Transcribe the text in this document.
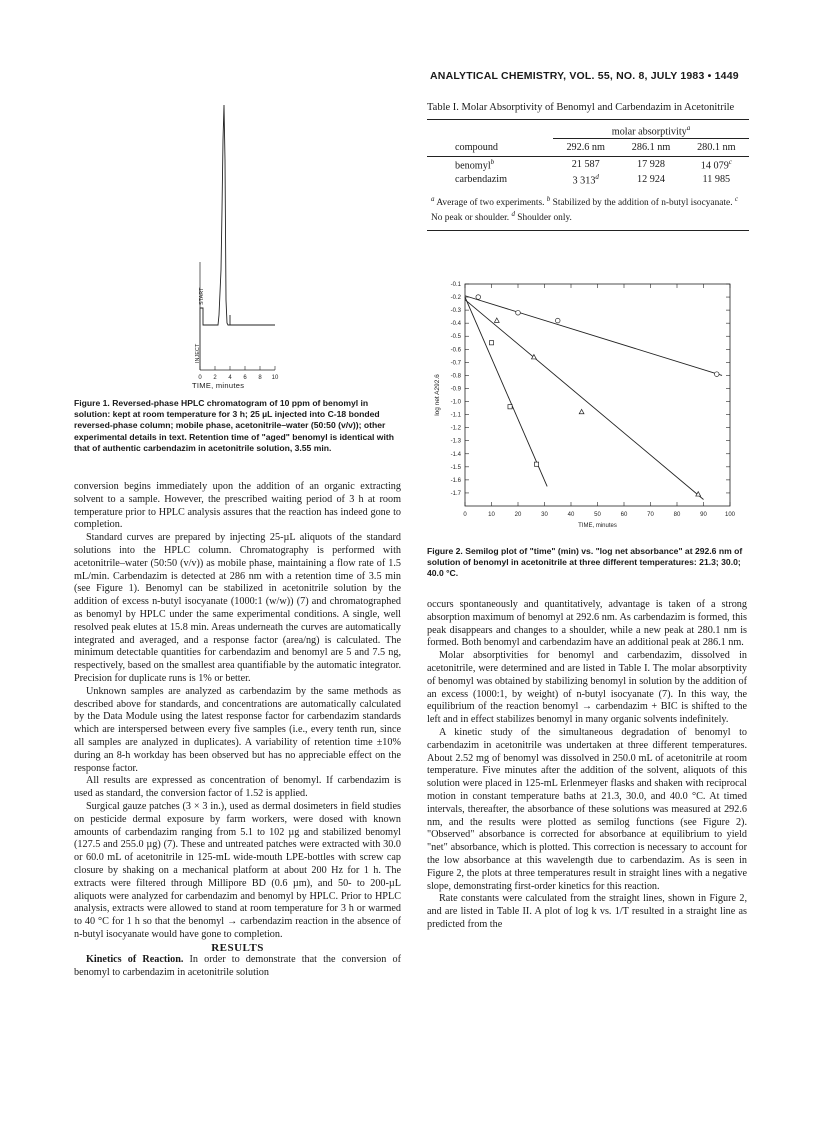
ANALYTICAL CHEMISTRY, VOL. 55, NO. 8, JULY 1983 • 1449
0 2 4 6 8 10
START
INJECT
TIME, minutes
Figure 1. Reversed-phase HPLC chromatogram of 10 ppm of benomyl in solution: kept at room temperature for 3 h; 25 µL injected into C-18 bonded reversed-phase column; mobile phase, acetonitrile–water (50:50 (v/v)); other experimental details in text. Retention time of "aged" benomyl is identical with that of authentic carbendazim in acetonitrile solution, 3.55 min.
Table I. Molar Absorptivity of Benomyl and Carbendazim in Acetonitrile
	molar absorptivity$^a$
compound	292.6 nm	286.1 nm	280.1 nm
benomyl$^b$	21 587	17 928	14 079$^c$
carbendazim	3 313$^d$	12 924	11 985
$^a$ Average of two experiments. $^b$ Stabilized by the addition of n-butyl isocyanate. $^c$ No peak or shoulder. $^d$ Shoulder only.
0	10	20	30	40	50	60	70	80	90	100
-0.1
-0.2
-0.3
-0.4
-0.5
-0.6
-0.7
-0.8
-0.9
-1.0
-1.1
-1.2
-1.3
-1.4
-1.5
-1.6
-1.7
TIME, minutes
log net A292.6
Figure 2. Semilog plot of "time" (min) vs. "log net absorbance" at 292.6 nm of solution of benomyl in acetonitrile at three different temperatures: 21.3; 30.0; 40.0 °C.

conversion begins immediately upon the addition of an organic extracting solvent to a sample. However, the prescribed waiting period of 3 h at room temperature prior to HPLC analysis assures that the reaction has indeed gone to completion.

Standard curves are prepared by injecting 25-µL aliquots of the standard solutions into the HPLC column. Chromatography is performed with acetonitrile–water (50:50 (v/v)) as mobile phase, maintaining a flow rate of 1.5 mL/min. Carbendazim is detected at 286 nm with a retention time of 3.5 min (see Figure 1). Benomyl can be stabilized in acetonitrile solution by the addition of excess n-butyl isocyanate (1000:1 (w/w)) (7) and chromatographed as benomyl by HPLC under the same experimental conditions. A single, well resolved peak elutes at 15.8 min. Areas underneath the curves are automatically integrated and averaged, and a response factor (area/ng) is calculated. The minimum detectable quantities for carbendazim and benomyl are 5 and 7.5 ng, respectively, based on the smallest area quantifiable by the automatic integrator. Precision for duplicate runs is 1% or better.

Unknown samples are analyzed as carbendazim by the same methods as described above for standards, and concentrations are automatically calculated by the Data Module using the latest response factor for carbendazim standards which are interspersed between every five samples (i.e., every tenth run, since all samples are analyzed in duplicates). A variability of retention time ±10% during an 8-h workday has been observed but has no appreciable effect on the response factor.

All results are expressed as concentration of benomyl. If carbendazim is used as standard, the conversion factor of 1.52 is applied.

Surgical gauze patches (3 × 3 in.), used as dermal dosimeters in field studies on pesticide dermal exposure by farm workers, were dosed with known amounts of carbendazim ranging from 5.1 to 102 µg and stabilized benomyl (127.5 and 255.0 µg) (7). These and untreated patches were extracted with 30.0 or 60.0 mL of acetonitrile in 125-mL wide-mouth LPE-bottles with screw cap closure by shaking on a mechanical platform at about 200 Hz for 1 h. The extracts were filtered through Millipore BD (0.6 µm), and 50- to 200-µL aliquots were analyzed for carbendazim and benomyl by HPLC. Prior to HPLC analysis, extracts were allowed to stand at room temperature for 3 h or warmed to 40 °C for 1 h so that the benomyl → carbendazim reaction in the absence of n-butyl isocyanate would have gone to completion.

RESULTS

Kinetics of Reaction. In order to demonstrate that the conversion of benomyl to carbendazim in acetonitrile solution

occurs spontaneously and quantitatively, advantage is taken of a strong absorption maximum of benomyl at 292.6 nm. As carbendazim is formed, this peak disappears and changes to a shoulder, while a new peak at 280.1 nm is formed. Both benomyl and carbendazim have an additional peak at 286.1 nm.

Molar absorptivities for benomyl and carbendazim, dissolved in acetonitrile, were determined and are listed in Table I. The molar absorptivity of benomyl was obtained by stabilizing benomyl in solution by the addition of an excess (1000:1, by weight) of n-butyl isocyanate (7). In this way, the equilibrium of the reaction benomyl → carbendazim + BIC is shifted to the left and in effect stabilizes benomyl in many organic solvents indefinitely.

A kinetic study of the simultaneous degradation of benomyl to carbendazim in acetonitrile was undertaken at three different temperatures. About 2.52 mg of benomyl was dissolved in 250.0 mL of acetonitrile at room temperature. Five minutes after the addition of the solvent, aliquots of this solution were placed in 125-mL Erlenmeyer flasks and shaken with reciprocal motion in constant temperature baths at 21.3, 30.0, and 40.0 °C. At timed intervals, thereafter, the absorbance of these solutions was measured at 292.6 nm, and the results were plotted as semilog functions (see Figure 2). "Observed" absorbance is corrected for absorbance at equilibrium to yield "net" absorbance, which is plotted. This correction is necessary to account for the low absorbance at this wavelength due to carbendazim. As is seen in Figure 2, the plots at three temperatures result in straight lines with a negative slope, demonstrating first-order kinetics for this reaction.

Rate constants were calculated from the straight lines, shown in Figure 2, and are listed in Table II. A plot of log k vs. 1/T resulted in a straight line as predicted from the
